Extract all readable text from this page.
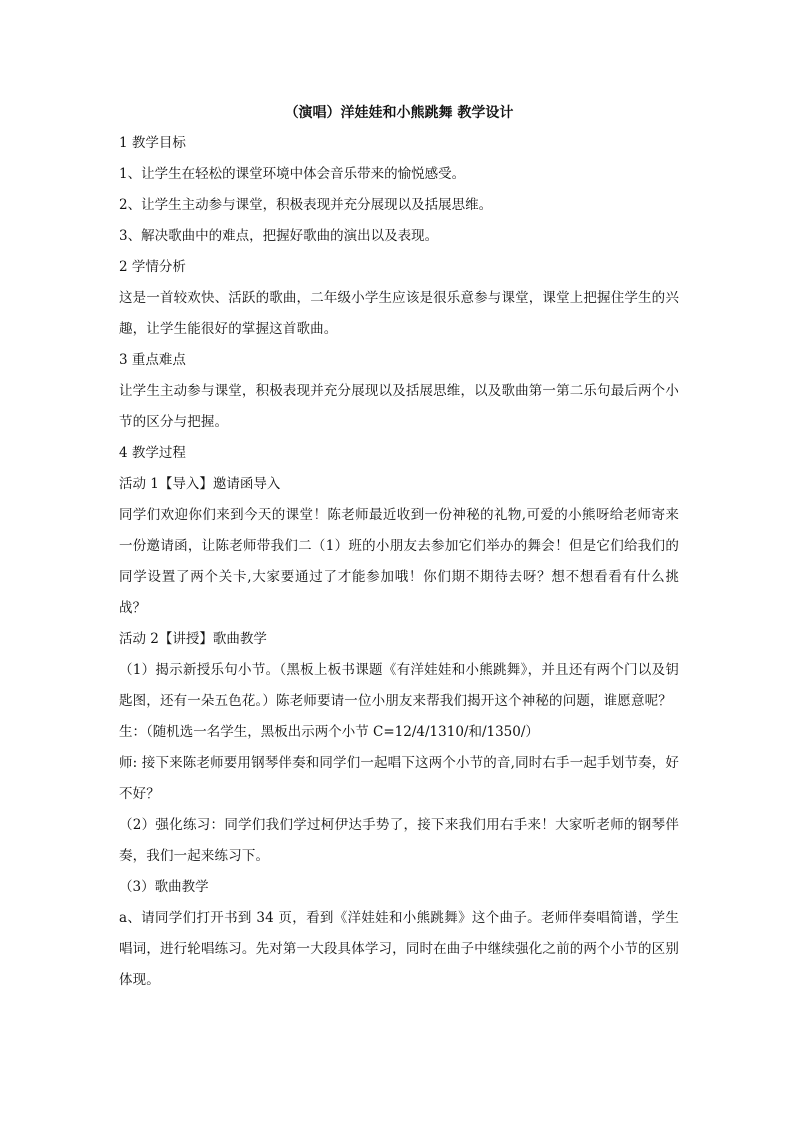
（演唱）洋娃娃和小熊跳舞 教学设计

1 教学目标

1、让学生在轻松的课堂环境中体会音乐带来的愉悦感受。

2、让学生主动参与课堂，积极表现并充分展现以及括展思维。

3、解决歌曲中的难点，把握好歌曲的演出以及表现。

2 学情分析

这是一首较欢快、活跃的歌曲，二年级小学生应该是很乐意参与课堂，课堂上把握住学生的兴趣，让学生能很好的掌握这首歌曲。

3 重点难点

让学生主动参与课堂，积极表现并充分展现以及括展思维，以及歌曲第一第二乐句最后两个小节的区分与把握。

4 教学过程

活动 1【导入】邀请函导入

同学们欢迎你们来到今天的课堂！陈老师最近收到一份神秘的礼物,可爱的小熊呀给老师寄来一份邀请函，让陈老师带我们二（1）班的小朋友去参加它们举办的舞会！但是它们给我们的同学设置了两个关卡,大家要通过了才能参加哦！你们期不期待去呀？想不想看看有什么挑战？

活动 2【讲授】歌曲教学

（1）揭示新授乐句小节。（黑板上板书课题《有洋娃娃和小熊跳舞》，并且还有两个门以及钥匙图，还有一朵五色花。）陈老师要请一位小朋友来帮我们揭开这个神秘的问题，谁愿意呢？

生：（随机选一名学生，黑板出示两个小节 C=12/4/1310/和/1350/）

师: 接下来陈老师要用钢琴伴奏和同学们一起唱下这两个小节的音,同时右手一起手划节奏，好不好？

（2）强化练习：同学们我们学过柯伊达手势了，接下来我们用右手来！大家听老师的钢琴伴奏，我们一起来练习下。

（3）歌曲教学

a、请同学们打开书到 34 页，看到《洋娃娃和小熊跳舞》这个曲子。老师伴奏唱简谱，学生唱词，进行轮唱练习。先对第一大段具体学习，同时在曲子中继续强化之前的两个小节的区别体现。
